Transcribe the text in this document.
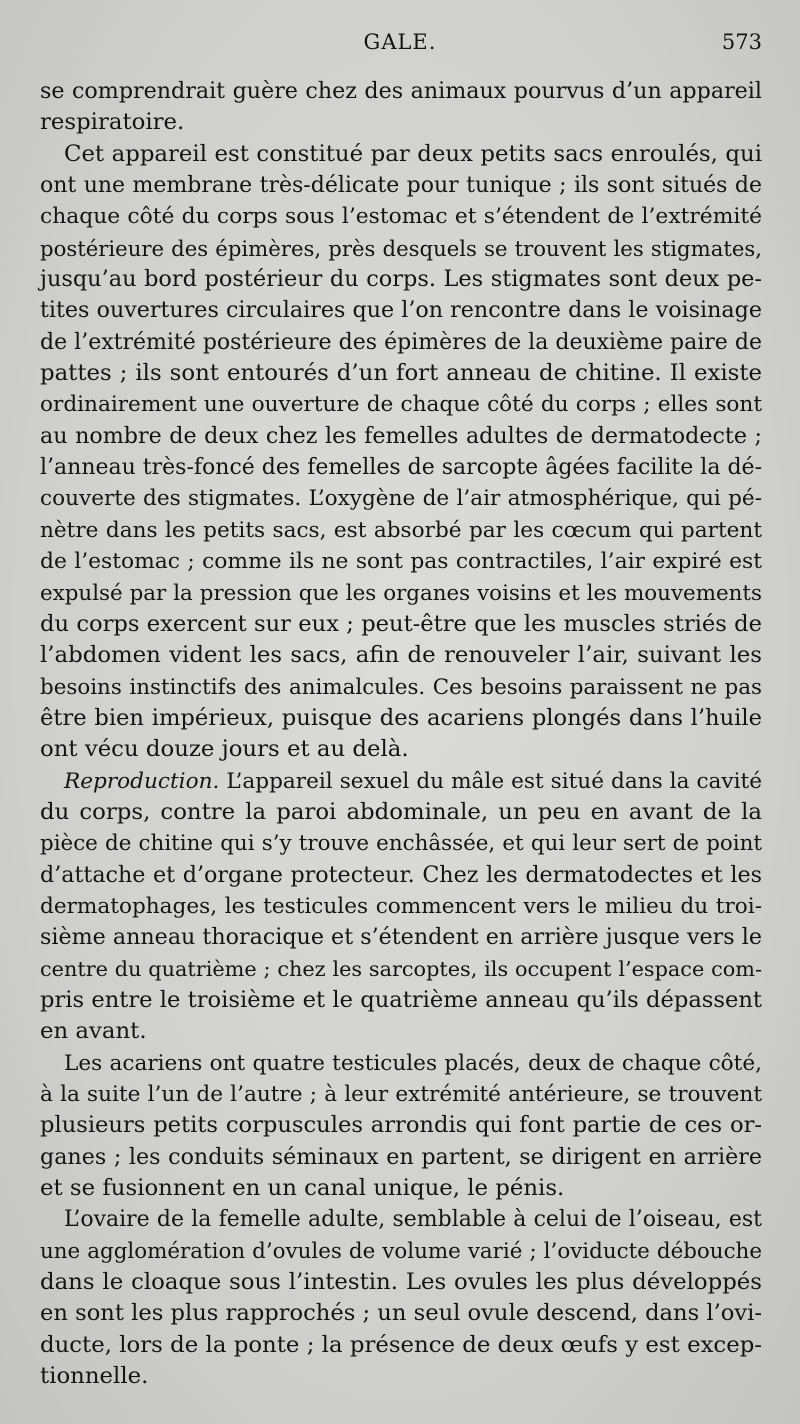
GALE.	573
se comprendrait guère chez des animaux pourvus d’un appareil
respiratoire.
Cet appareil est constitué par deux petits sacs enroulés, qui
ont une membrane très-délicate pour tunique ; ils sont situés de
chaque côté du corps sous l’estomac et s’étendent de l’extrémité
postérieure des épimères, près desquels se trouvent les stigmates,
jusqu’au bord postérieur du corps. Les stigmates sont deux pe-
tites ouvertures circulaires que l’on rencontre dans le voisinage
de l’extrémité postérieure des épimères de la deuxième paire de
pattes ; ils sont entourés d’un fort anneau de chitine. Il existe
ordinairement une ouverture de chaque côté du corps ; elles sont
au nombre de deux chez les femelles adultes de dermatodecte ;
l’anneau très-foncé des femelles de sarcopte âgées facilite la dé-
couverte des stigmates. L’oxygène de l’air atmosphérique, qui pé-
nètre dans les petits sacs, est absorbé par les cœcum qui partent
de l’estomac ; comme ils ne sont pas contractiles, l’air expiré est
expulsé par la pression que les organes voisins et les mouvements
du corps exercent sur eux ; peut-être que les muscles striés de
l’abdomen vident les sacs, afin de renouveler l’air, suivant les
besoins instinctifs des animalcules. Ces besoins paraissent ne pas
être bien impérieux, puisque des acariens plongés dans l’huile
ont vécu douze jours et au delà.
Reproduction. L’appareil sexuel du mâle est situé dans la cavité
du corps, contre la paroi abdominale, un peu en avant de la
pièce de chitine qui s’y trouve enchâssée, et qui leur sert de point
d’attache et d’organe protecteur. Chez les dermatodectes et les
dermatophages, les testicules commencent vers le milieu du troi-
sième anneau thoracique et s’étendent en arrière jusque vers le
centre du quatrième ; chez les sarcoptes, ils occupent l’espace com-
pris entre le troisième et le quatrième anneau qu’ils dépassent
en avant.
Les acariens ont quatre testicules placés, deux de chaque côté,
à la suite l’un de l’autre ; à leur extrémité antérieure, se trouvent
plusieurs petits corpuscules arrondis qui font partie de ces or-
ganes ; les conduits séminaux en partent, se dirigent en arrière
et se fusionnent en un canal unique, le pénis.
L’ovaire de la femelle adulte, semblable à celui de l’oiseau, est
une agglomération d’ovules de volume varié ; l’oviducte débouche
dans le cloaque sous l’intestin. Les ovules les plus développés
en sont les plus rapprochés ; un seul ovule descend, dans l’ovi-
ducte, lors de la ponte ; la présence de deux œufs y est excep-
tionnelle.
